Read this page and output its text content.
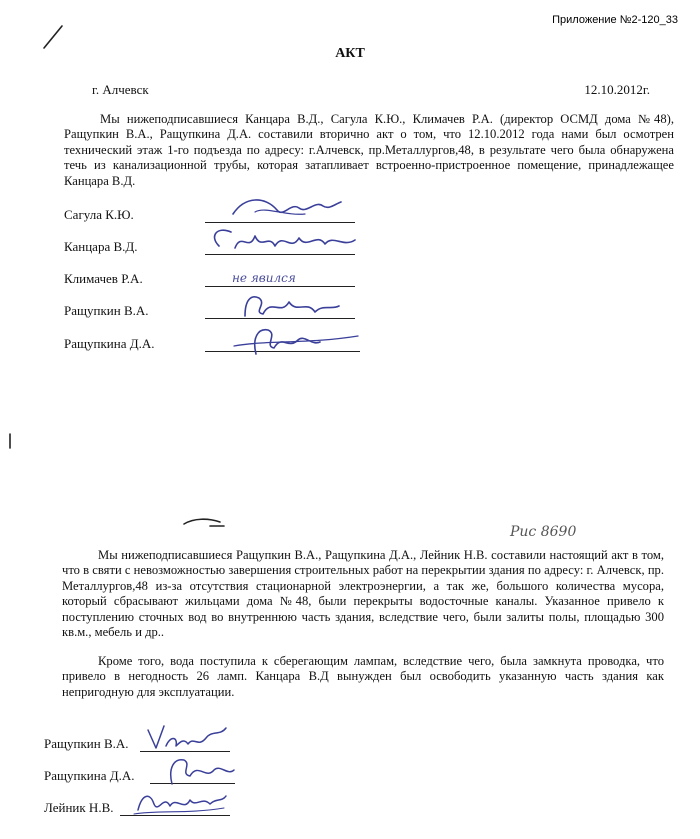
Приложение №2-120_33
АКТ
г. Алчевск	12.10.2012г.

Мы нижеподписавшиеся Канцара В.Д., Сагула К.Ю., Климачев Р.А. (директор ОСМД дома №48), Ращупкин В.А., Ращупкина Д.А. составили вторично акт о том, что 12.10.2012 года нами был осмотрен технический этаж 1-го подъезда по адресу: г.Алчевск, пр.Металлургов,48, в результате чего была обнаружена течь из канализационной трубы, которая затапливает встроенно-пристроенное помещение, принадлежащее Канцара В.Д.

Сагула К.Ю.
Канцара В.Д.
Климачев Р.А.	не явился
Ращупкин В.А.
Ращупкина Д.А.
Рис 8690

Мы нижеподписавшиеся Ращупкин В.А., Ращупкина Д.А., Лейник Н.В. составили настоящий акт в том, что в святи с невозможностью завершения строительных работ на перекрытии здания по адресу: г. Алчевск, пр. Металлургов,48 из-за отсутствия стационарной электроэнергии, а так же, большого количества мусора, который сбрасывают жильцами дома №48, были перекрыты водосточные каналы. Указанное привело к поступлению сточных вод во внутреннюю часть здания, вследствие чего, были залиты полы, площадью 300 кв.м., мебель и др..

Кроме того, вода поступила к сберегающим лампам, вследствие чего, была замкнута проводка, что привело в негодность 26 ламп. Канцара В.Д вынужден был освободить указанную часть здания как непригодную для эксплуатации.

Ращупкин В.А.
Ращупкина Д.А.
Лейник Н.В.
